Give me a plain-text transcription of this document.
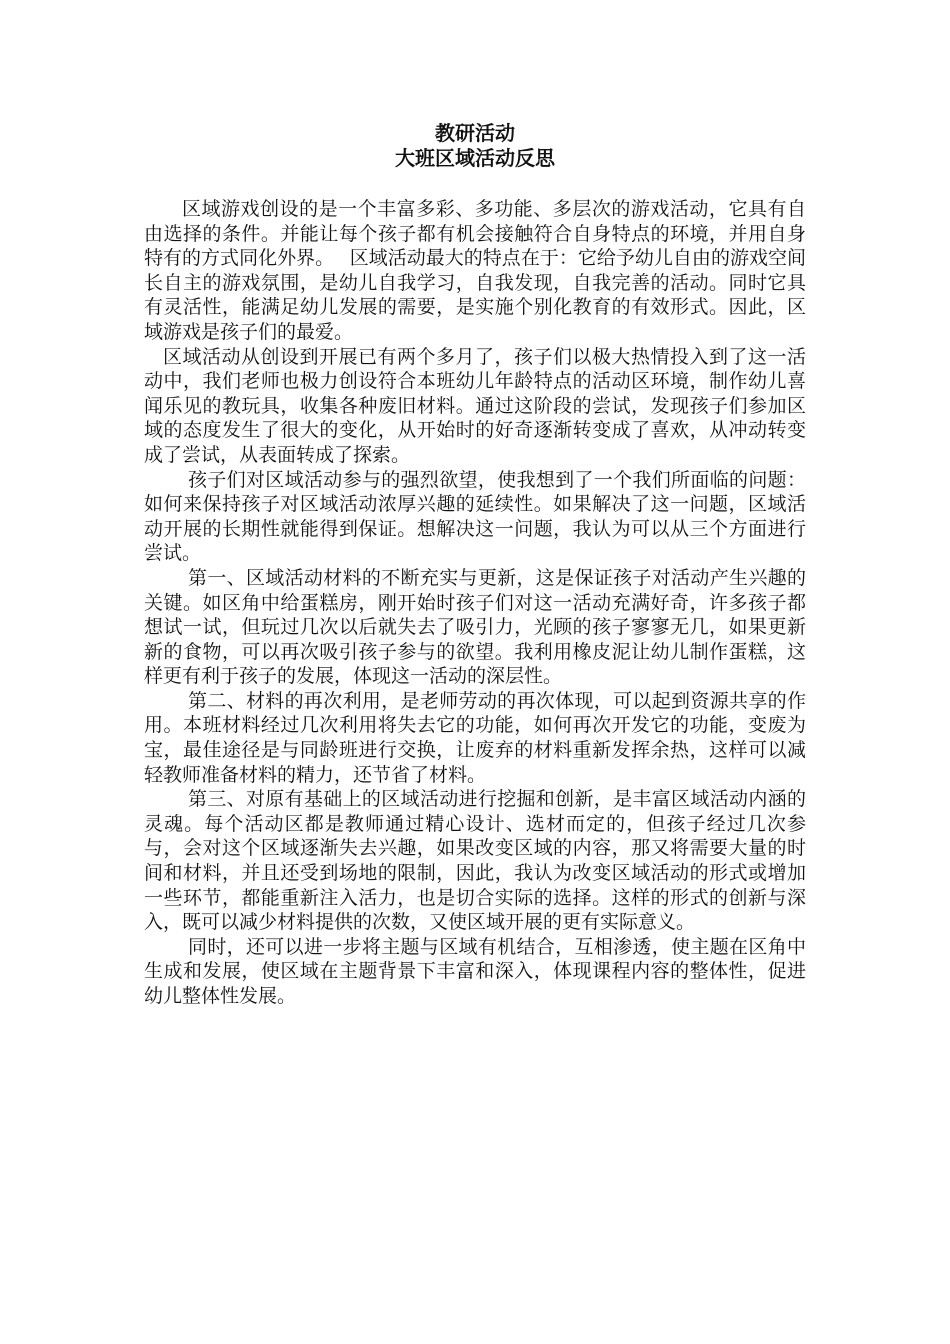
教研活动
大班区域活动反思

区域游戏创设的是一个丰富多彩、多功能、多层次的游戏活动，它具有自由选择的条件。并能让每个孩子都有机会接触符合自身特点的环境，并用自身特有的方式同化外界。　 区域活动最大的特点在于：它给予幼儿自由的游戏空间长自主的游戏氛围，是幼儿自我学习，自我发现，自我完善的活动。同时它具有灵活性，能满足幼儿发展的需要，是实施个别化教育的有效形式。因此，区域游戏是孩子们的最爱。

区域活动从创设到开展已有两个多月了，孩子们以极大热情投入到了这一活动中，我们老师也极力创设符合本班幼儿年龄特点的活动区环境，制作幼儿喜闻乐见的教玩具，收集各种废旧材料。通过这阶段的尝试，发现孩子们参加区域的态度发生了很大的变化，从开始时的好奇逐渐转变成了喜欢，从冲动转变成了尝试，从表面转成了探索。

孩子们对区域活动参与的强烈欲望，使我想到了一个我们所面临的问题：如何来保持孩子对区域活动浓厚兴趣的延续性。如果解决了这一问题，区域活动开展的长期性就能得到保证。想解决这一问题，我认为可以从三个方面进行尝试。

第一、区域活动材料的不断充实与更新，这是保证孩子对活动产生兴趣的关键。如区角中给蛋糕房，刚开始时孩子们对这一活动充满好奇，许多孩子都想试一试，但玩过几次以后就失去了吸引力，光顾的孩子寥寥无几，如果更新新的食物，可以再次吸引孩子参与的欲望。我利用橡皮泥让幼儿制作蛋糕，这样更有利于孩子的发展，体现这一活动的深层性。

第二、材料的再次利用，是老师劳动的再次体现，可以起到资源共享的作用。本班材料经过几次利用将失去它的功能，如何再次开发它的功能，变废为宝，最佳途径是与同龄班进行交换，让废弃的材料重新发挥余热，这样可以减轻教师准备材料的精力，还节省了材料。

第三、对原有基础上的区域活动进行挖掘和创新，是丰富区域活动内涵的灵魂。每个活动区都是教师通过精心设计、选材而定的，但孩子经过几次参与，会对这个区域逐渐失去兴趣，如果改变区域的内容，那又将需要大量的时间和材料，并且还受到场地的限制，因此，我认为改变区域活动的形式或增加一些环节，都能重新注入活力，也是切合实际的选择。这样的形式的创新与深入，既可以减少材料提供的次数，又使区域开展的更有实际意义。

同时，还可以进一步将主题与区域有机结合，互相渗透，使主题在区角中生成和发展，使区域在主题背景下丰富和深入，体现课程内容的整体性，促进幼儿整体性发展。
